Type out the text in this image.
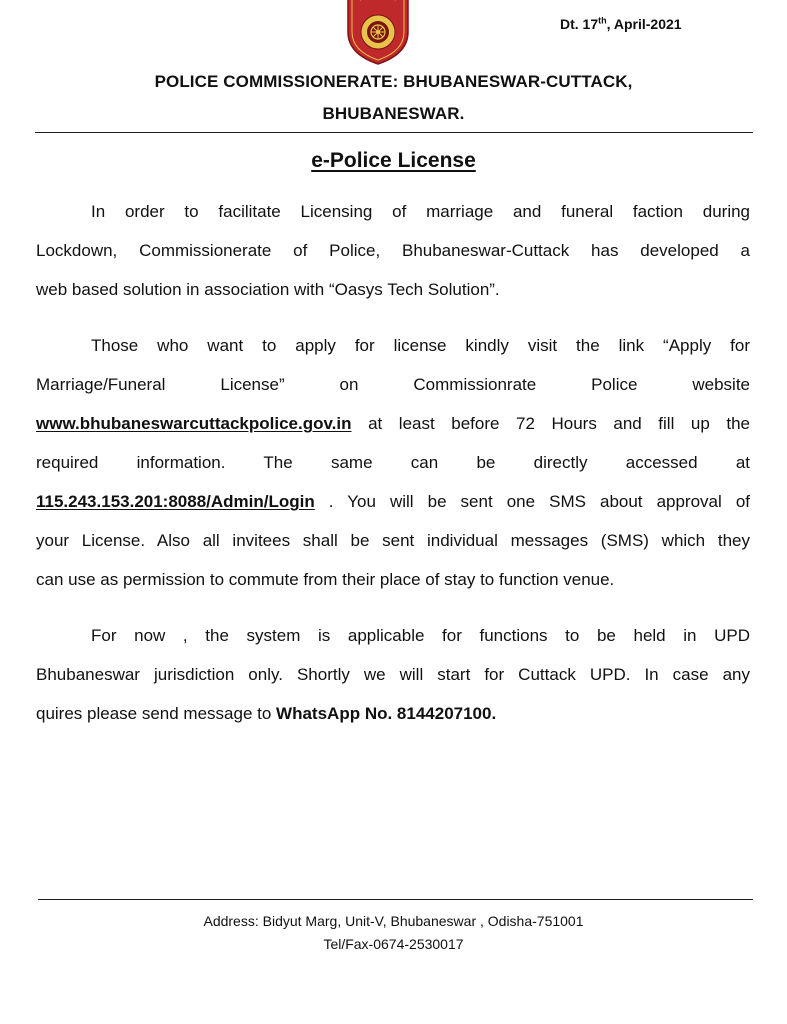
Dt. 17th, April-2021
POLICE COMMISSIONERATE: BHUBANESWAR-CUTTACK,
BHUBANESWAR.
e-Police License
In order to facilitate Licensing of marriage and funeral faction during
Lockdown, Commissionerate of Police, Bhubaneswar-Cuttack has developed a
web based solution in association with “Oasys Tech Solution”.
Those who want to apply for license kindly visit the link “Apply for
Marriage/Funeral License” on Commissionrate Police website
www.bhubaneswarcuttackpolice.gov.in at least before 72 Hours and fill up the
required information. The same can be directly accessed at
115.243.153.201:8088/Admin/Login . You will be sent one SMS about approval of
your License. Also all invitees shall be sent individual messages (SMS) which they
can use as permission to commute from their place of stay to function venue.
For now , the system is applicable for functions to be held in UPD
Bhubaneswar jurisdiction only. Shortly we will start for Cuttack UPD. In case any
quires please send message to WhatsApp No. 8144207100.
Address: Bidyut Marg, Unit-V, Bhubaneswar , Odisha-751001
Tel/Fax-0674-2530017
